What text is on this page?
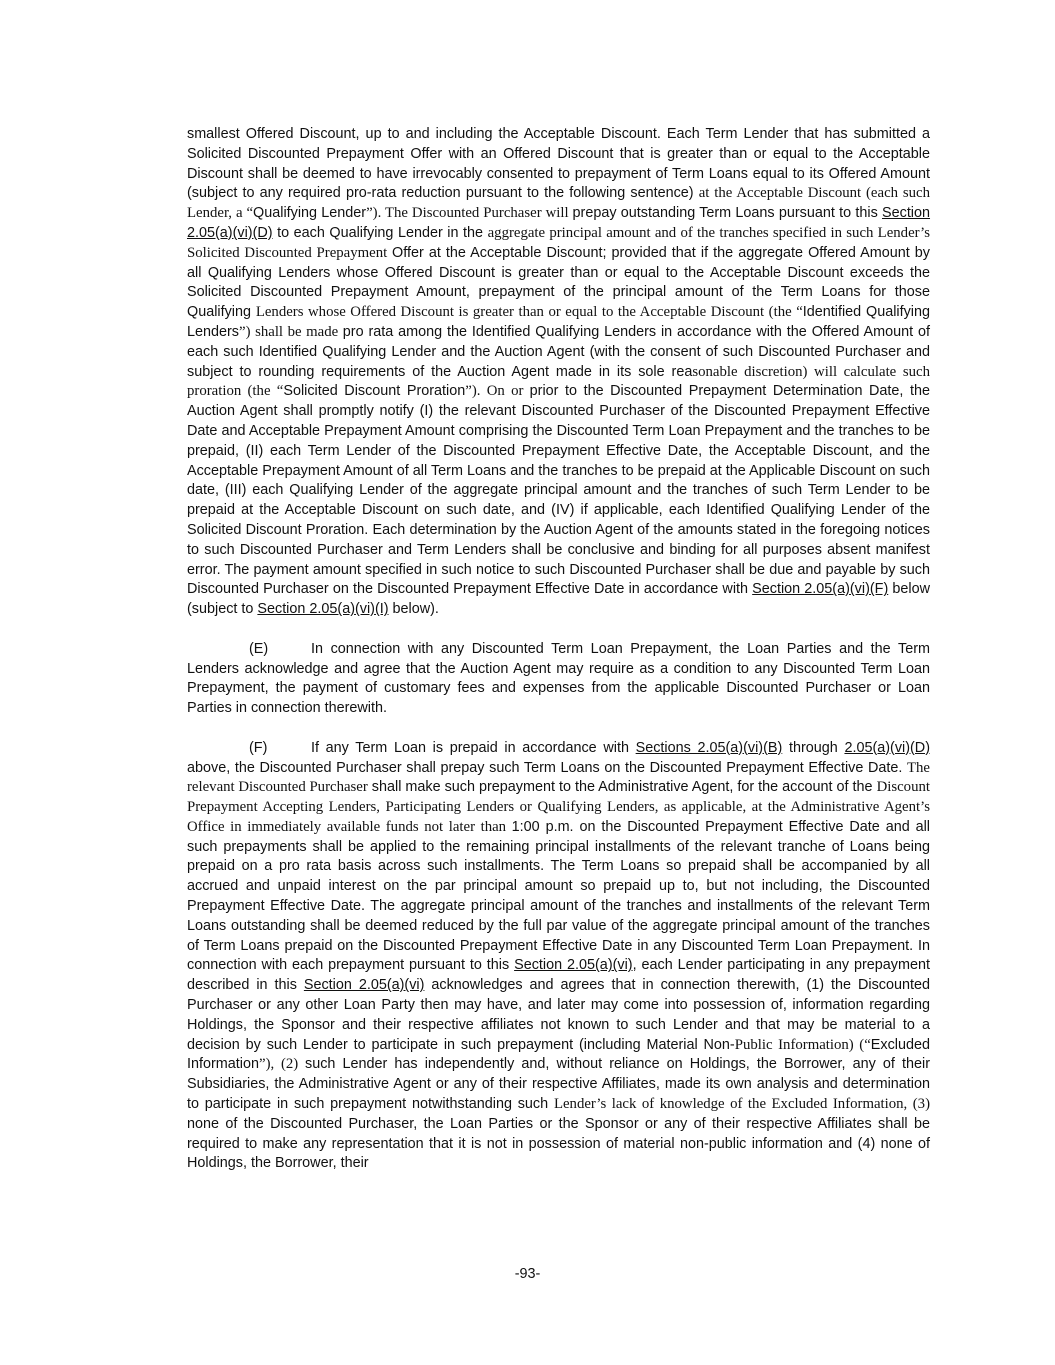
smallest Offered Discount, up to and including the Acceptable Discount. Each Term Lender that has submitted a Solicited Discounted Prepayment Offer with an Offered Discount that is greater than or equal to the Acceptable Discount shall be deemed to have irrevocably consented to prepayment of Term Loans equal to its Offered Amount (subject to any required pro-rata reduction pursuant to the following sentence) at the Acceptable Discount (each such Lender, a “Qualifying Lender”). The Discounted Purchaser will prepay outstanding Term Loans pursuant to this Section 2.05(a)(vi)(D) to each Qualifying Lender in the aggregate principal amount and of the tranches specified in such Lender’s Solicited Discounted Prepayment Offer at the Acceptable Discount; provided that if the aggregate Offered Amount by all Qualifying Lenders whose Offered Discount is greater than or equal to the Acceptable Discount exceeds the Solicited Discounted Prepayment Amount, prepayment of the principal amount of the Term Loans for those Qualifying Lenders whose Offered Discount is greater than or equal to the Acceptable Discount (the “Identified Qualifying Lenders”) shall be made pro rata among the Identified Qualifying Lenders in accordance with the Offered Amount of each such Identified Qualifying Lender and the Auction Agent (with the consent of such Discounted Purchaser and subject to rounding requirements of the Auction Agent made in its sole reasonable discretion) will calculate such proration (the “Solicited Discount Proration”). On or prior to the Discounted Prepayment Determination Date, the Auction Agent shall promptly notify (I) the relevant Discounted Purchaser of the Discounted Prepayment Effective Date and Acceptable Prepayment Amount comprising the Discounted Term Loan Prepayment and the tranches to be prepaid, (II) each Term Lender of the Discounted Prepayment Effective Date, the Acceptable Discount, and the Acceptable Prepayment Amount of all Term Loans and the tranches to be prepaid at the Applicable Discount on such date, (III) each Qualifying Lender of the aggregate principal amount and the tranches of such Term Lender to be prepaid at the Acceptable Discount on such date, and (IV) if applicable, each Identified Qualifying Lender of the Solicited Discount Proration. Each determination by the Auction Agent of the amounts stated in the foregoing notices to such Discounted Purchaser and Term Lenders shall be conclusive and binding for all purposes absent manifest error. The payment amount specified in such notice to such Discounted Purchaser shall be due and payable by such Discounted Purchaser on the Discounted Prepayment Effective Date in accordance with Section 2.05(a)(vi)(F) below (subject to Section 2.05(a)(vi)(I) below).

(E)	In connection with any Discounted Term Loan Prepayment, the Loan Parties and the Term Lenders acknowledge and agree that the Auction Agent may require as a condition to any Discounted Term Loan Prepayment, the payment of customary fees and expenses from the applicable Discounted Purchaser or Loan Parties in connection therewith.

(F)	If any Term Loan is prepaid in accordance with Sections 2.05(a)(vi)(B) through 2.05(a)(vi)(D) above, the Discounted Purchaser shall prepay such Term Loans on the Discounted Prepayment Effective Date. The relevant Discounted Purchaser shall make such prepayment to the Administrative Agent, for the account of the Discount Prepayment Accepting Lenders, Participating Lenders or Qualifying Lenders, as applicable, at the Administrative Agent’s Office in immediately available funds not later than 1:00 p.m. on the Discounted Prepayment Effective Date and all such prepayments shall be applied to the remaining principal installments of the relevant tranche of Loans being prepaid on a pro rata basis across such installments. The Term Loans so prepaid shall be accompanied by all accrued and unpaid interest on the par principal amount so prepaid up to, but not including, the Discounted Prepayment Effective Date. The aggregate principal amount of the tranches and installments of the relevant Term Loans outstanding shall be deemed reduced by the full par value of the aggregate principal amount of the tranches of Term Loans prepaid on the Discounted Prepayment Effective Date in any Discounted Term Loan Prepayment. In connection with each prepayment pursuant to this Section 2.05(a)(vi), each Lender participating in any prepayment described in this Section 2.05(a)(vi) acknowledges and agrees that in connection therewith, (1) the Discounted Purchaser or any other Loan Party then may have, and later may come into possession of, information regarding Holdings, the Sponsor and their respective affiliates not known to such Lender and that may be material to a decision by such Lender to participate in such prepayment (including Material Non-Public Information) (“Excluded Information”), (2) such Lender has independently and, without reliance on Holdings, the Borrower, any of their Subsidiaries, the Administrative Agent or any of their respective Affiliates, made its own analysis and determination to participate in such prepayment notwithstanding such Lender’s lack of knowledge of the Excluded Information, (3) none of the Discounted Purchaser, the Loan Parties or the Sponsor or any of their respective Affiliates shall be required to make any representation that it is not in possession of material non-public information and (4) none of Holdings, the Borrower, their

-93-
